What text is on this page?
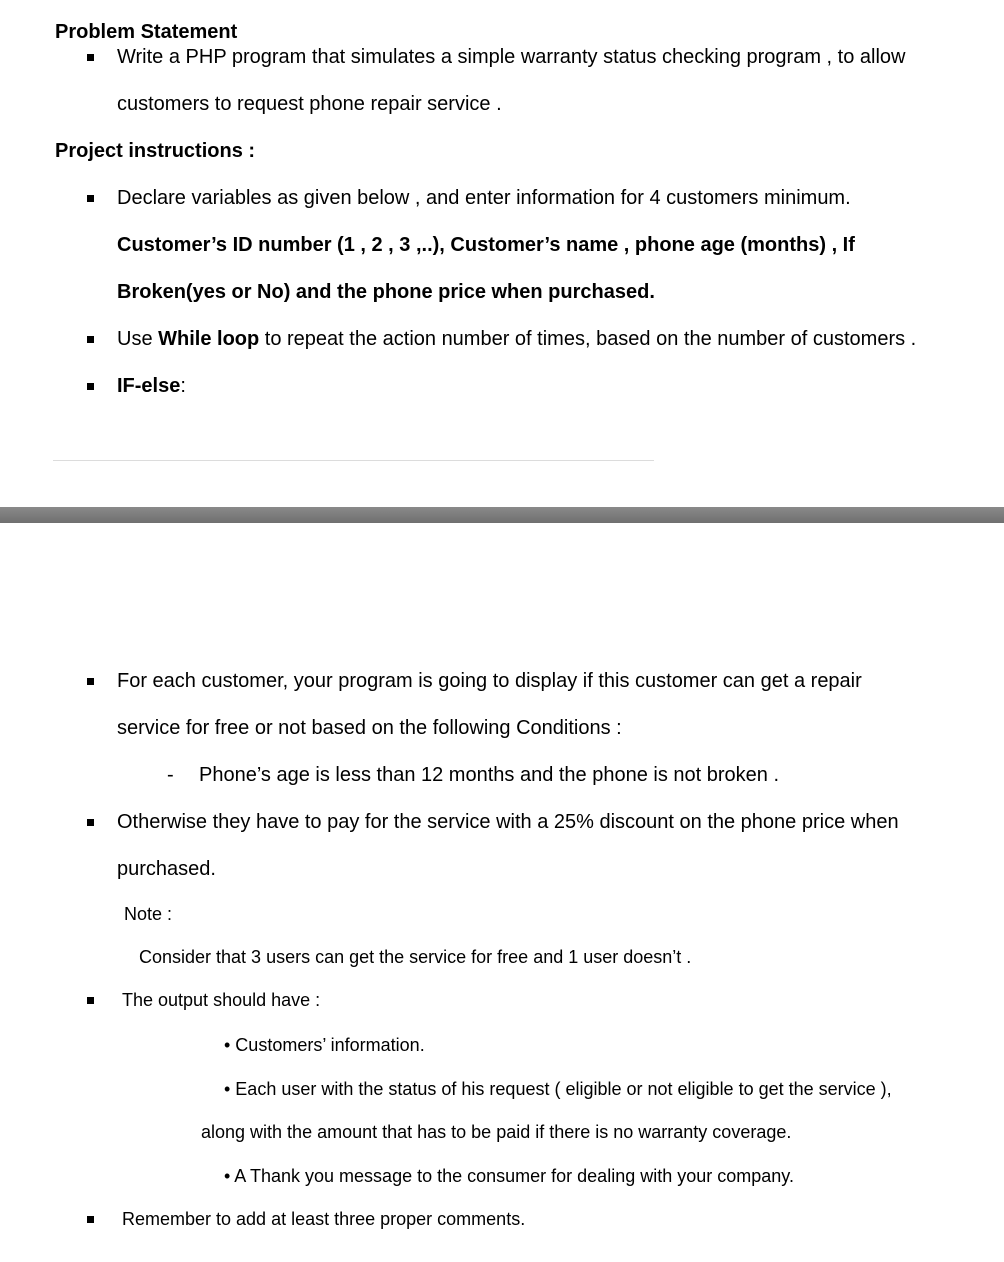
Problem Statement
Write a PHP program that simulates a simple warranty status checking program , to allow
customers to request phone repair service .
Project instructions :
Declare variables as given below , and enter information for 4 customers minimum.
Customer’s ID number (1 , 2 , 3 ,..), Customer’s name , phone age (months) , If
Broken(yes or No) and the phone price when purchased.
Use While loop to repeat the action number of times, based on the number of customers .
IF-else:
For each customer, your program is going to display if this customer can get a repair
service for free or not based on the following Conditions :
- Phone’s age is less than 12 months and the phone is not broken .
Otherwise they have to pay for the service with a 25% discount on the phone price when
purchased.
Note :
Consider that 3 users can get the service for free and 1 user doesn’t .
The output should have :
• Customers’ information.
• Each user with the status of his request ( eligible or not eligible to get the service ),
along with the amount that has to be paid if there is no warranty coverage.
• A Thank you message to the consumer for dealing with your company.
Remember to add at least three proper comments.
